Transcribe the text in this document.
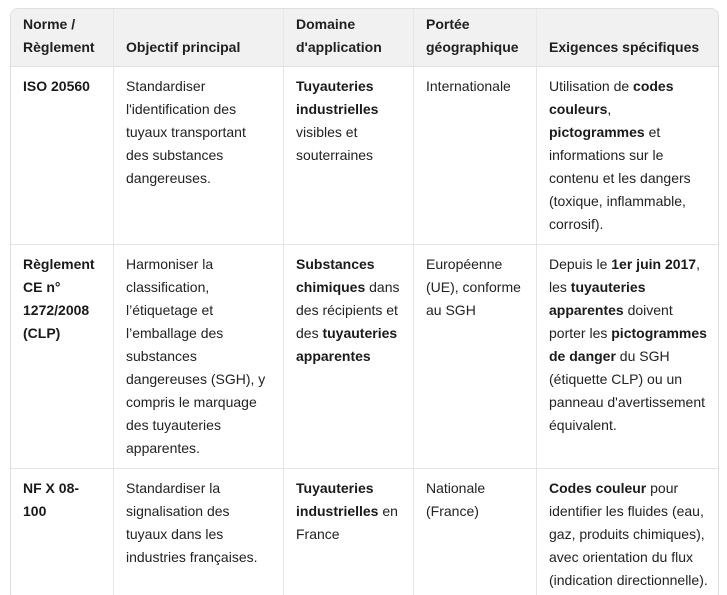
Norme / Règlement	Objectif principal	Domaine d'application	Portée géographique	Exigences spécifiques
ISO 20560	Standardiser l'identification des tuyaux transportant des substances dangereuses.	Tuyauteries industrielles visibles et souterraines	Internationale	Utilisation de codes couleurs, pictogrammes et informations sur le contenu et les dangers (toxique, inflammable, corrosif).
Règlement CE n° 1272/2008 (CLP)	Harmoniser la classification, l’étiquetage et l’emballage des substances dangereuses (SGH), y compris le marquage des tuyauteries apparentes.	Substances chimiques dans des récipients et des tuyauteries apparentes	Européenne (UE), conforme au SGH	Depuis le 1er juin 2017, les tuyauteries apparentes doivent porter les pictogrammes de danger du SGH (étiquette CLP) ou un panneau d'avertissement équivalent.
NF X 08-100	Standardiser la signalisation des tuyaux dans les industries françaises.	Tuyauteries industrielles en France	Nationale (France)	Codes couleur pour identifier les fluides (eau, gaz, produits chimiques), avec orientation du flux (indication directionnelle).
